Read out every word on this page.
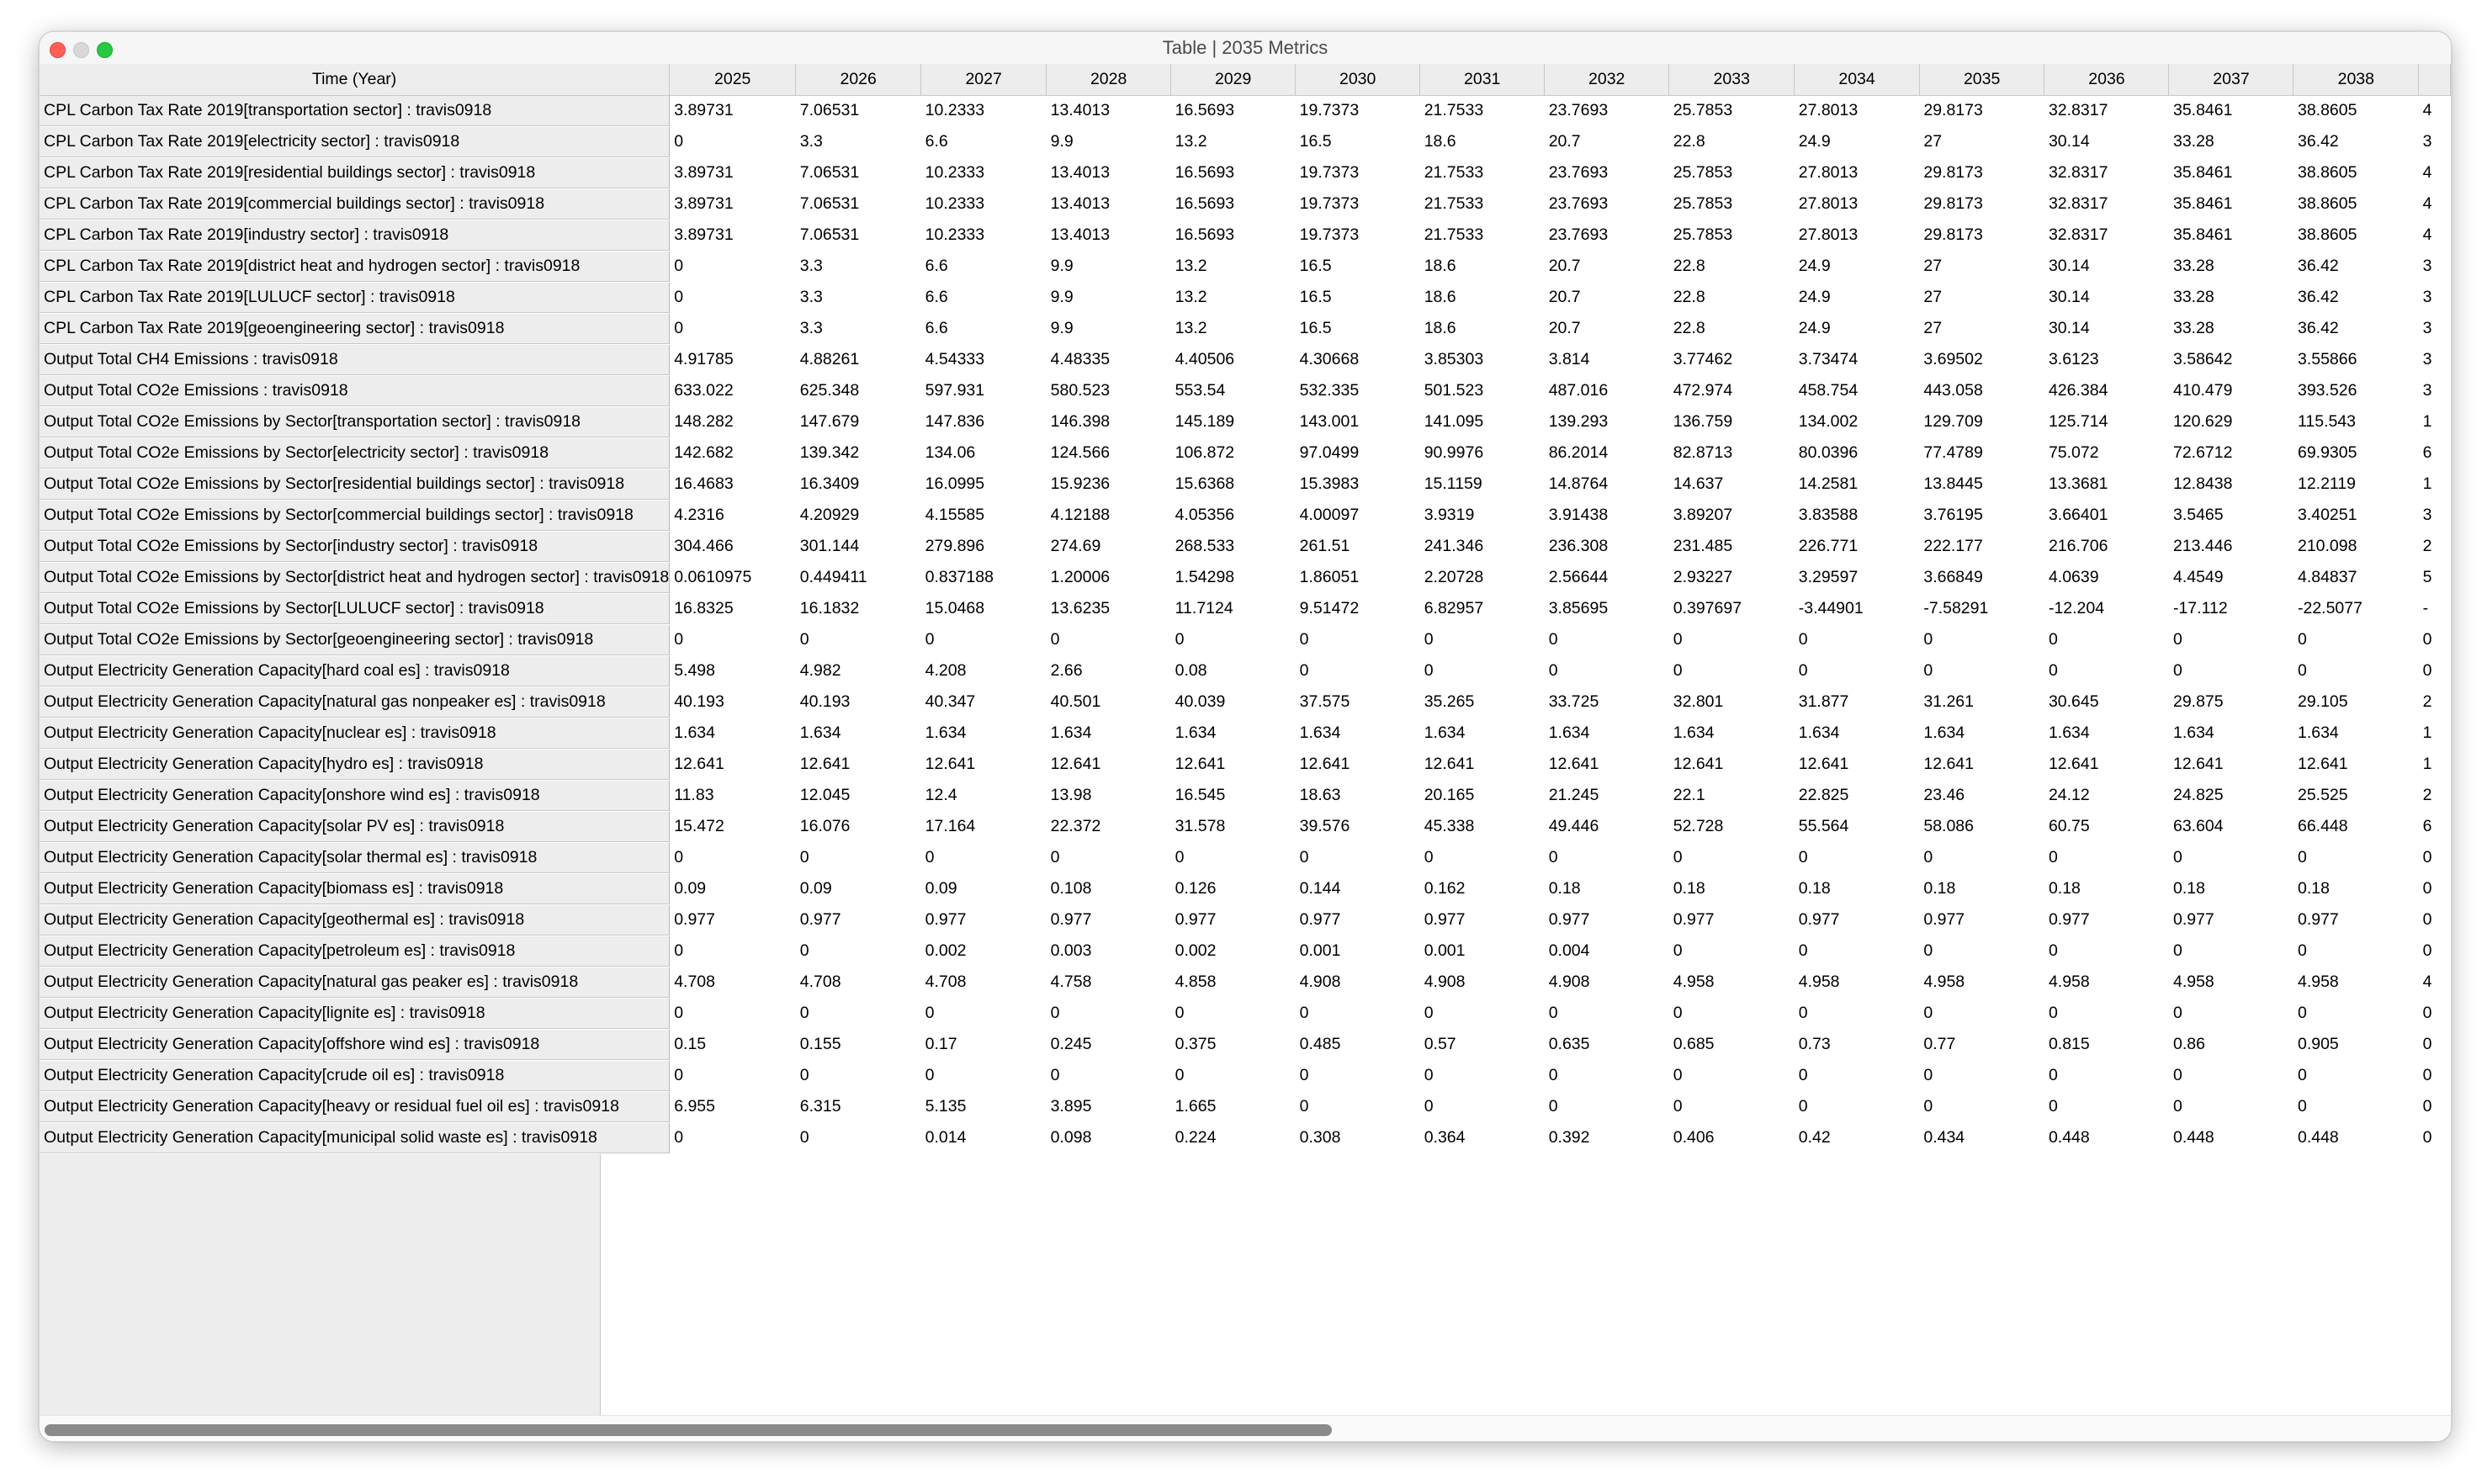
Table | 2035 Metrics
Time (Year)	2025	2026	2027	2028	2029	2030	2031	2032	2033	2034	2035	2036	2037	2038	
CPL Carbon Tax Rate 2019[transportation sector] : travis0918	3.89731	7.06531	10.2333	13.4013	16.5693	19.7373	21.7533	23.7693	25.7853	27.8013	29.8173	32.8317	35.8461	38.8605	4
CPL Carbon Tax Rate 2019[electricity sector] : travis0918	0	3.3	6.6	9.9	13.2	16.5	18.6	20.7	22.8	24.9	27	30.14	33.28	36.42	3
CPL Carbon Tax Rate 2019[residential buildings sector] : travis0918	3.89731	7.06531	10.2333	13.4013	16.5693	19.7373	21.7533	23.7693	25.7853	27.8013	29.8173	32.8317	35.8461	38.8605	4
CPL Carbon Tax Rate 2019[commercial buildings sector] : travis0918	3.89731	7.06531	10.2333	13.4013	16.5693	19.7373	21.7533	23.7693	25.7853	27.8013	29.8173	32.8317	35.8461	38.8605	4
CPL Carbon Tax Rate 2019[industry sector] : travis0918	3.89731	7.06531	10.2333	13.4013	16.5693	19.7373	21.7533	23.7693	25.7853	27.8013	29.8173	32.8317	35.8461	38.8605	4
CPL Carbon Tax Rate 2019[district heat and hydrogen sector] : travis0918	0	3.3	6.6	9.9	13.2	16.5	18.6	20.7	22.8	24.9	27	30.14	33.28	36.42	3
CPL Carbon Tax Rate 2019[LULUCF sector] : travis0918	0	3.3	6.6	9.9	13.2	16.5	18.6	20.7	22.8	24.9	27	30.14	33.28	36.42	3
CPL Carbon Tax Rate 2019[geoengineering sector] : travis0918	0	3.3	6.6	9.9	13.2	16.5	18.6	20.7	22.8	24.9	27	30.14	33.28	36.42	3
Output Total CH4 Emissions : travis0918	4.91785	4.88261	4.54333	4.48335	4.40506	4.30668	3.85303	3.814	3.77462	3.73474	3.69502	3.6123	3.58642	3.55866	3
Output Total CO2e Emissions : travis0918	633.022	625.348	597.931	580.523	553.54	532.335	501.523	487.016	472.974	458.754	443.058	426.384	410.479	393.526	3
Output Total CO2e Emissions by Sector[transportation sector] : travis0918	148.282	147.679	147.836	146.398	145.189	143.001	141.095	139.293	136.759	134.002	129.709	125.714	120.629	115.543	1
Output Total CO2e Emissions by Sector[electricity sector] : travis0918	142.682	139.342	134.06	124.566	106.872	97.0499	90.9976	86.2014	82.8713	80.0396	77.4789	75.072	72.6712	69.9305	6
Output Total CO2e Emissions by Sector[residential buildings sector] : travis0918	16.4683	16.3409	16.0995	15.9236	15.6368	15.3983	15.1159	14.8764	14.637	14.2581	13.8445	13.3681	12.8438	12.2119	1
Output Total CO2e Emissions by Sector[commercial buildings sector] : travis0918	4.2316	4.20929	4.15585	4.12188	4.05356	4.00097	3.9319	3.91438	3.89207	3.83588	3.76195	3.66401	3.5465	3.40251	3
Output Total CO2e Emissions by Sector[industry sector] : travis0918	304.466	301.144	279.896	274.69	268.533	261.51	241.346	236.308	231.485	226.771	222.177	216.706	213.446	210.098	2
Output Total CO2e Emissions by Sector[district heat and hydrogen sector] : travis0918	0.0610975	0.449411	0.837188	1.20006	1.54298	1.86051	2.20728	2.56644	2.93227	3.29597	3.66849	4.0639	4.4549	4.84837	5
Output Total CO2e Emissions by Sector[LULUCF sector] : travis0918	16.8325	16.1832	15.0468	13.6235	11.7124	9.51472	6.82957	3.85695	0.397697	-3.44901	-7.58291	-12.204	-17.112	-22.5077	-
Output Total CO2e Emissions by Sector[geoengineering sector] : travis0918	0	0	0	0	0	0	0	0	0	0	0	0	0	0	0
Output Electricity Generation Capacity[hard coal es] : travis0918	5.498	4.982	4.208	2.66	0.08	0	0	0	0	0	0	0	0	0	0
Output Electricity Generation Capacity[natural gas nonpeaker es] : travis0918	40.193	40.193	40.347	40.501	40.039	37.575	35.265	33.725	32.801	31.877	31.261	30.645	29.875	29.105	2
Output Electricity Generation Capacity[nuclear es] : travis0918	1.634	1.634	1.634	1.634	1.634	1.634	1.634	1.634	1.634	1.634	1.634	1.634	1.634	1.634	1
Output Electricity Generation Capacity[hydro es] : travis0918	12.641	12.641	12.641	12.641	12.641	12.641	12.641	12.641	12.641	12.641	12.641	12.641	12.641	12.641	1
Output Electricity Generation Capacity[onshore wind es] : travis0918	11.83	12.045	12.4	13.98	16.545	18.63	20.165	21.245	22.1	22.825	23.46	24.12	24.825	25.525	2
Output Electricity Generation Capacity[solar PV es] : travis0918	15.472	16.076	17.164	22.372	31.578	39.576	45.338	49.446	52.728	55.564	58.086	60.75	63.604	66.448	6
Output Electricity Generation Capacity[solar thermal es] : travis0918	0	0	0	0	0	0	0	0	0	0	0	0	0	0	0
Output Electricity Generation Capacity[biomass es] : travis0918	0.09	0.09	0.09	0.108	0.126	0.144	0.162	0.18	0.18	0.18	0.18	0.18	0.18	0.18	0
Output Electricity Generation Capacity[geothermal es] : travis0918	0.977	0.977	0.977	0.977	0.977	0.977	0.977	0.977	0.977	0.977	0.977	0.977	0.977	0.977	0
Output Electricity Generation Capacity[petroleum es] : travis0918	0	0	0.002	0.003	0.002	0.001	0.001	0.004	0	0	0	0	0	0	0
Output Electricity Generation Capacity[natural gas peaker es] : travis0918	4.708	4.708	4.708	4.758	4.858	4.908	4.908	4.908	4.958	4.958	4.958	4.958	4.958	4.958	4
Output Electricity Generation Capacity[lignite es] : travis0918	0	0	0	0	0	0	0	0	0	0	0	0	0	0	0
Output Electricity Generation Capacity[offshore wind es] : travis0918	0.15	0.155	0.17	0.245	0.375	0.485	0.57	0.635	0.685	0.73	0.77	0.815	0.86	0.905	0
Output Electricity Generation Capacity[crude oil es] : travis0918	0	0	0	0	0	0	0	0	0	0	0	0	0	0	0
Output Electricity Generation Capacity[heavy or residual fuel oil es] : travis0918	6.955	6.315	5.135	3.895	1.665	0	0	0	0	0	0	0	0	0	0
Output Electricity Generation Capacity[municipal solid waste es] : travis0918	0	0	0.014	0.098	0.224	0.308	0.364	0.392	0.406	0.42	0.434	0.448	0.448	0.448	0
